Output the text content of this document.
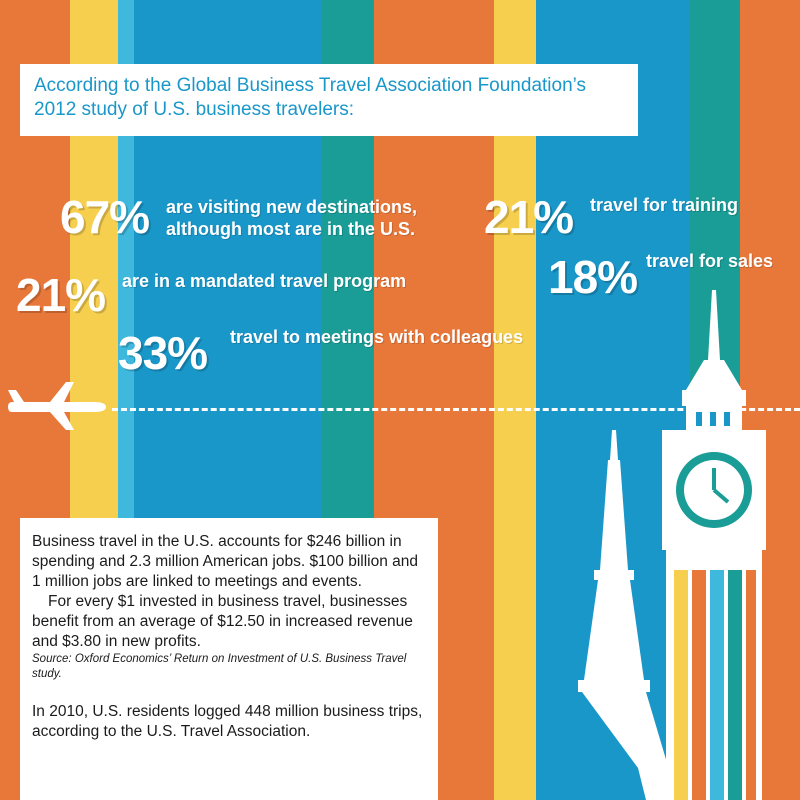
According to the Global Business Travel Association Foundation’s
2012 study of U.S. business travelers:
67% are visiting new destinations,
although most are in the U.S.
21% are in a mandated travel program
33% travel to meetings with colleagues
21% travel for training
18% travel for sales

Business travel in the U.S. accounts for $246 billion in spending and 2.3 million American jobs. $100 billion and 1 million jobs are linked to meetings and events.

For every $1 invested in business travel, businesses benefit from an average of $12.50 in increased revenue and $3.80 in new profits.

Source: Oxford Economics’ Return on Investment of U.S. Business Travel study.

In 2010, U.S. residents logged 448 million business trips, according to the U.S. Travel Association.
